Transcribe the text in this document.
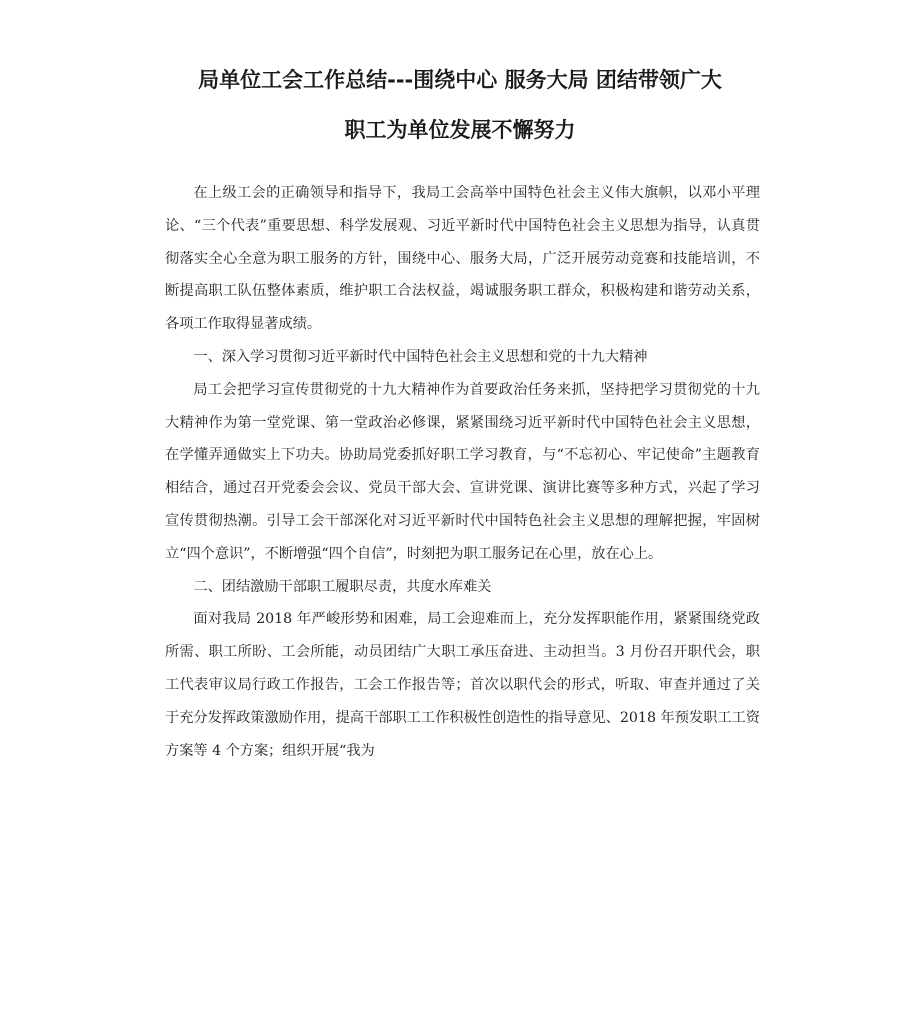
局单位工会工作总结---围绕中心 服务大局 团结带领广大
职工为单位发展不懈努力

在上级工会的正确领导和指导下，我局工会高举中国特色社会主义伟大旗帜，以邓小平理论、“三个代表”重要思想、科学发展观、习近平新时代中国特色社会主义思想为指导，认真贯彻落实全心全意为职工服务的方针，围绕中心、服务大局，广泛开展劳动竞赛和技能培训，不断提高职工队伍整体素质，维护职工合法权益，竭诚服务职工群众，积极构建和谐劳动关系，各项工作取得显著成绩。

一、深入学习贯彻习近平新时代中国特色社会主义思想和党的十九大精神

局工会把学习宣传贯彻党的十九大精神作为首要政治任务来抓，坚持把学习贯彻党的十九大精神作为第一堂党课、第一堂政治必修课，紧紧围绕习近平新时代中国特色社会主义思想，在学懂弄通做实上下功夫。协助局党委抓好职工学习教育，与“不忘初心、牢记使命”主题教育相结合，通过召开党委会会议、党员干部大会、宣讲党课、演讲比赛等多种方式，兴起了学习宣传贯彻热潮。引导工会干部深化对习近平新时代中国特色社会主义思想的理解把握，牢固树立“四个意识”，不断增强“四个自信”，时刻把为职工服务记在心里，放在心上。

二、团结激励干部职工履职尽责，共度水库难关

面对我局 2018 年严峻形势和困难，局工会迎难而上，充分发挥职能作用，紧紧围绕党政所需、职工所盼、工会所能，动员团结广大职工承压奋进、主动担当。3 月份召开职代会，职工代表审议局行政工作报告，工会工作报告等；首次以职代会的形式，听取、审查并通过了关于充分发挥政策激励作用，提高干部职工工作积极性创造性的指导意见、2018 年预发职工工资方案等 4 个方案；组织开展“我为
